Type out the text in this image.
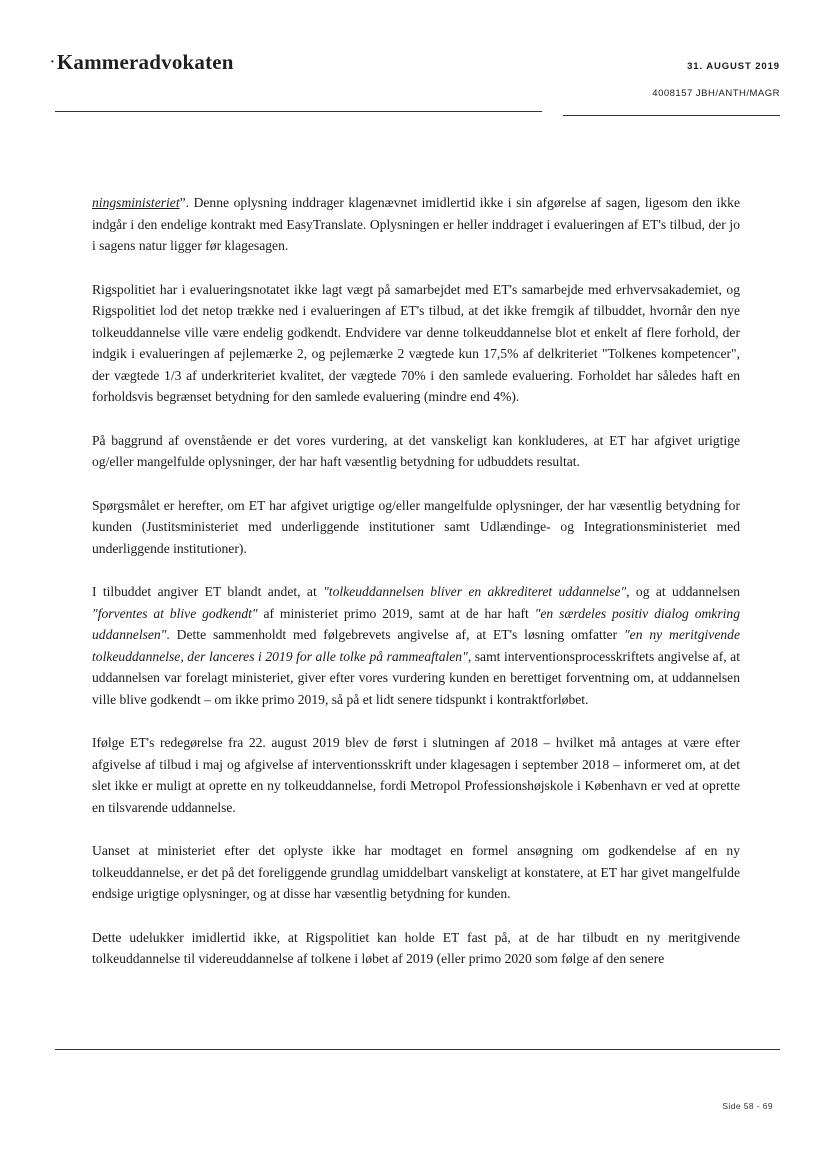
·Kammeradvokaten	31. AUGUST 2019
4008157 JBH/ANTH/MAGR

ningsministeriet”. Denne oplysning inddrager klagenævnet imidlertid ikke i sin afgørelse af sagen, ligesom den ikke indgår i den endelige kontrakt med EasyTranslate. Oplysningen er heller inddraget i evalueringen af ET's tilbud, der jo i sagens natur ligger før klagesagen.

Rigspolitiet har i evalueringsnotatet ikke lagt vægt på samarbejdet med ET's samarbejde med erhvervsakademiet, og Rigspolitiet lod det netop trække ned i evalueringen af ET's tilbud, at det ikke fremgik af tilbuddet, hvornår den nye tolkeuddannelse ville være endelig godkendt. Endvidere var denne tolkeuddannelse blot et enkelt af flere forhold, der indgik i evalueringen af pejlemærke 2, og pejlemærke 2 vægtede kun 17,5% af delkriteriet "Tolkenes kompetencer", der vægtede 1/3 af underkriteriet kvalitet, der vægtede 70% i den samlede evaluering. Forholdet har således haft en forholdsvis begrænset betydning for den samlede evaluering (mindre end 4%).

På baggrund af ovenstående er det vores vurdering, at det vanskeligt kan konkluderes, at ET har afgivet urigtige og/eller mangelfulde oplysninger, der har haft væsentlig betydning for udbuddets resultat.

Spørgsmålet er herefter, om ET har afgivet urigtige og/eller mangelfulde oplysninger, der har væsentlig betydning for kunden (Justitsministeriet med underliggende institutioner samt Udlændinge- og Integrationsministeriet med underliggende institutioner).

I tilbuddet angiver ET blandt andet, at "tolkeuddannelsen bliver en akkrediteret uddannelse", og at uddannelsen "forventes at blive godkendt" af ministeriet primo 2019, samt at de har haft "en særdeles positiv dialog omkring uddannelsen". Dette sammenholdt med følgebrevets angivelse af, at ET's løsning omfatter "en ny meritgivende tolkeuddannelse, der lanceres i 2019 for alle tolke på rammeaftalen", samt interventionsprocesskriftets angivelse af, at uddannelsen var forelagt ministeriet, giver efter vores vurdering kunden en berettiget forventning om, at uddannelsen ville blive godkendt – om ikke primo 2019, så på et lidt senere tidspunkt i kontraktforløbet.

Ifølge ET's redegørelse fra 22. august 2019 blev de først i slutningen af 2018 – hvilket må antages at være efter afgivelse af tilbud i maj og afgivelse af interventionsskrift under klagesagen i september 2018 – informeret om, at det slet ikke er muligt at oprette en ny tolkeuddannelse, fordi Metropol Professionshøjskole i København er ved at oprette en tilsvarende uddannelse.

Uanset at ministeriet efter det oplyste ikke har modtaget en formel ansøgning om godkendelse af en ny tolkeuddannelse, er det på det foreliggende grundlag umiddelbart vanskeligt at konstatere, at ET har givet mangelfulde endsige urigtige oplysninger, og at disse har væsentlig betydning for kunden.

Dette udelukker imidlertid ikke, at Rigspolitiet kan holde ET fast på, at de har tilbudt en ny meritgivende tolkeuddannelse til videreuddannelse af tolkene i løbet af 2019 (eller primo 2020 som følge af den senere

Side 58 - 69
